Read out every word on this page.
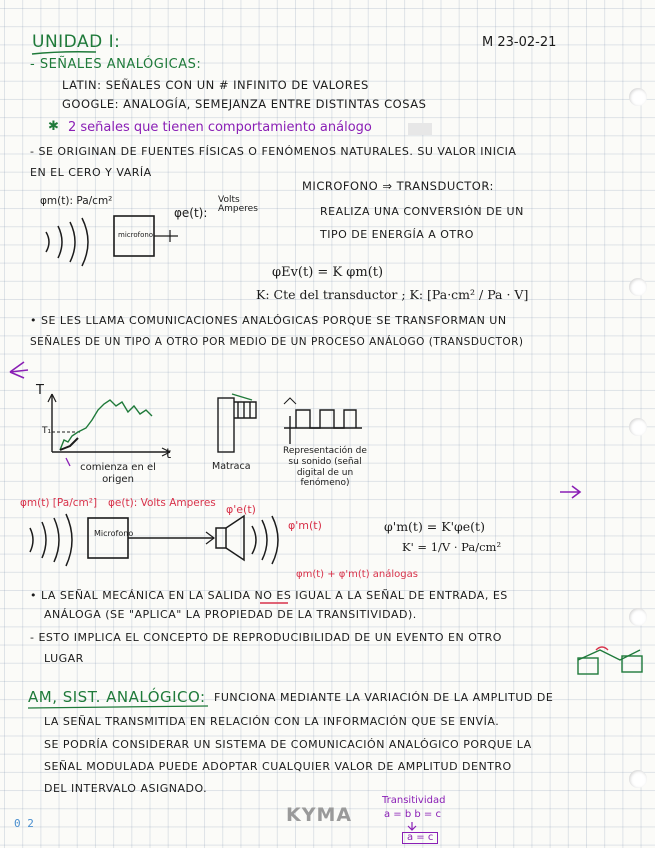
UNIDAD I:	M 23-02-21
- SEÑALES ANALÓGICAS:
LATIN: SEÑALES CON UN # INFINITO DE VALORES
GOOGLE: ANALOGÍA, SEMEJANZA ENTRE DISTINTAS COSAS
✱ 2 señales que tienen comportamiento análogo
- SE ORIGINAN DE FUENTES FÍSICAS O FENÓMENOS NATURALES. SU VALOR INICIA
EN EL CERO Y VARÍA
φm(t): Pa/cm²
φe(t):
Volts Amperes
microfono
MICROFONO ⇒ TRANSDUCTOR:
REALIZA UNA CONVERSIÓN DE UN
TIPO DE ENERGÍA A OTRO
φEv(t) = K φm(t)
K: Cte del transductor ; K: [Pa·cm² / Pa · V]
• SE LES LLAMA COMUNICACIONES ANALÓGICAS PORQUE SE TRANSFORMAN UN
SEÑALES DE UN TIPO A OTRO POR MEDIO DE UN PROCESO ANÁLOGO (TRANSDUCTOR)
T
t
T₁
comienza en el origen
Matraca
Representación de su sonido (señal digital de un fenómeno)
φm(t) [Pa/cm²] φe(t): Volts Amperes
Microfono
φ'e(t)
φ'm(t)	φ'm(t) = K'φe(t)
K' = 1/V · Pa/cm²
φm(t) + φ'm(t) análogas
• LA SEÑAL MECÁNICA EN LA SALIDA NO ES IGUAL A LA SEÑAL DE ENTRADA, ES
ANÁLOGA (SE "APLICA" LA PROPIEDAD DE LA TRANSITIVIDAD).
- ESTO IMPLICA EL CONCEPTO DE REPRODUCIBILIDAD DE UN EVENTO EN OTRO
LUGAR
AM, SIST. ANALÓGICO: FUNCIONA MEDIANTE LA VARIACIÓN DE LA AMPLITUD DE
LA SEÑAL TRANSMITIDA EN RELACIÓN CON LA INFORMACIÓN QUE SE ENVÍA.
SE PODRÍA CONSIDERAR UN SISTEMA DE COMUNICACIÓN ANALÓGICO PORQUE LA
SEÑAL MODULADA PUEDE ADOPTAR CUALQUIER VALOR DE AMPLITUD DENTRO
DEL INTERVALO ASIGNADO.
0 2	KYMA
Transitividad
a = b b = c
a = c
